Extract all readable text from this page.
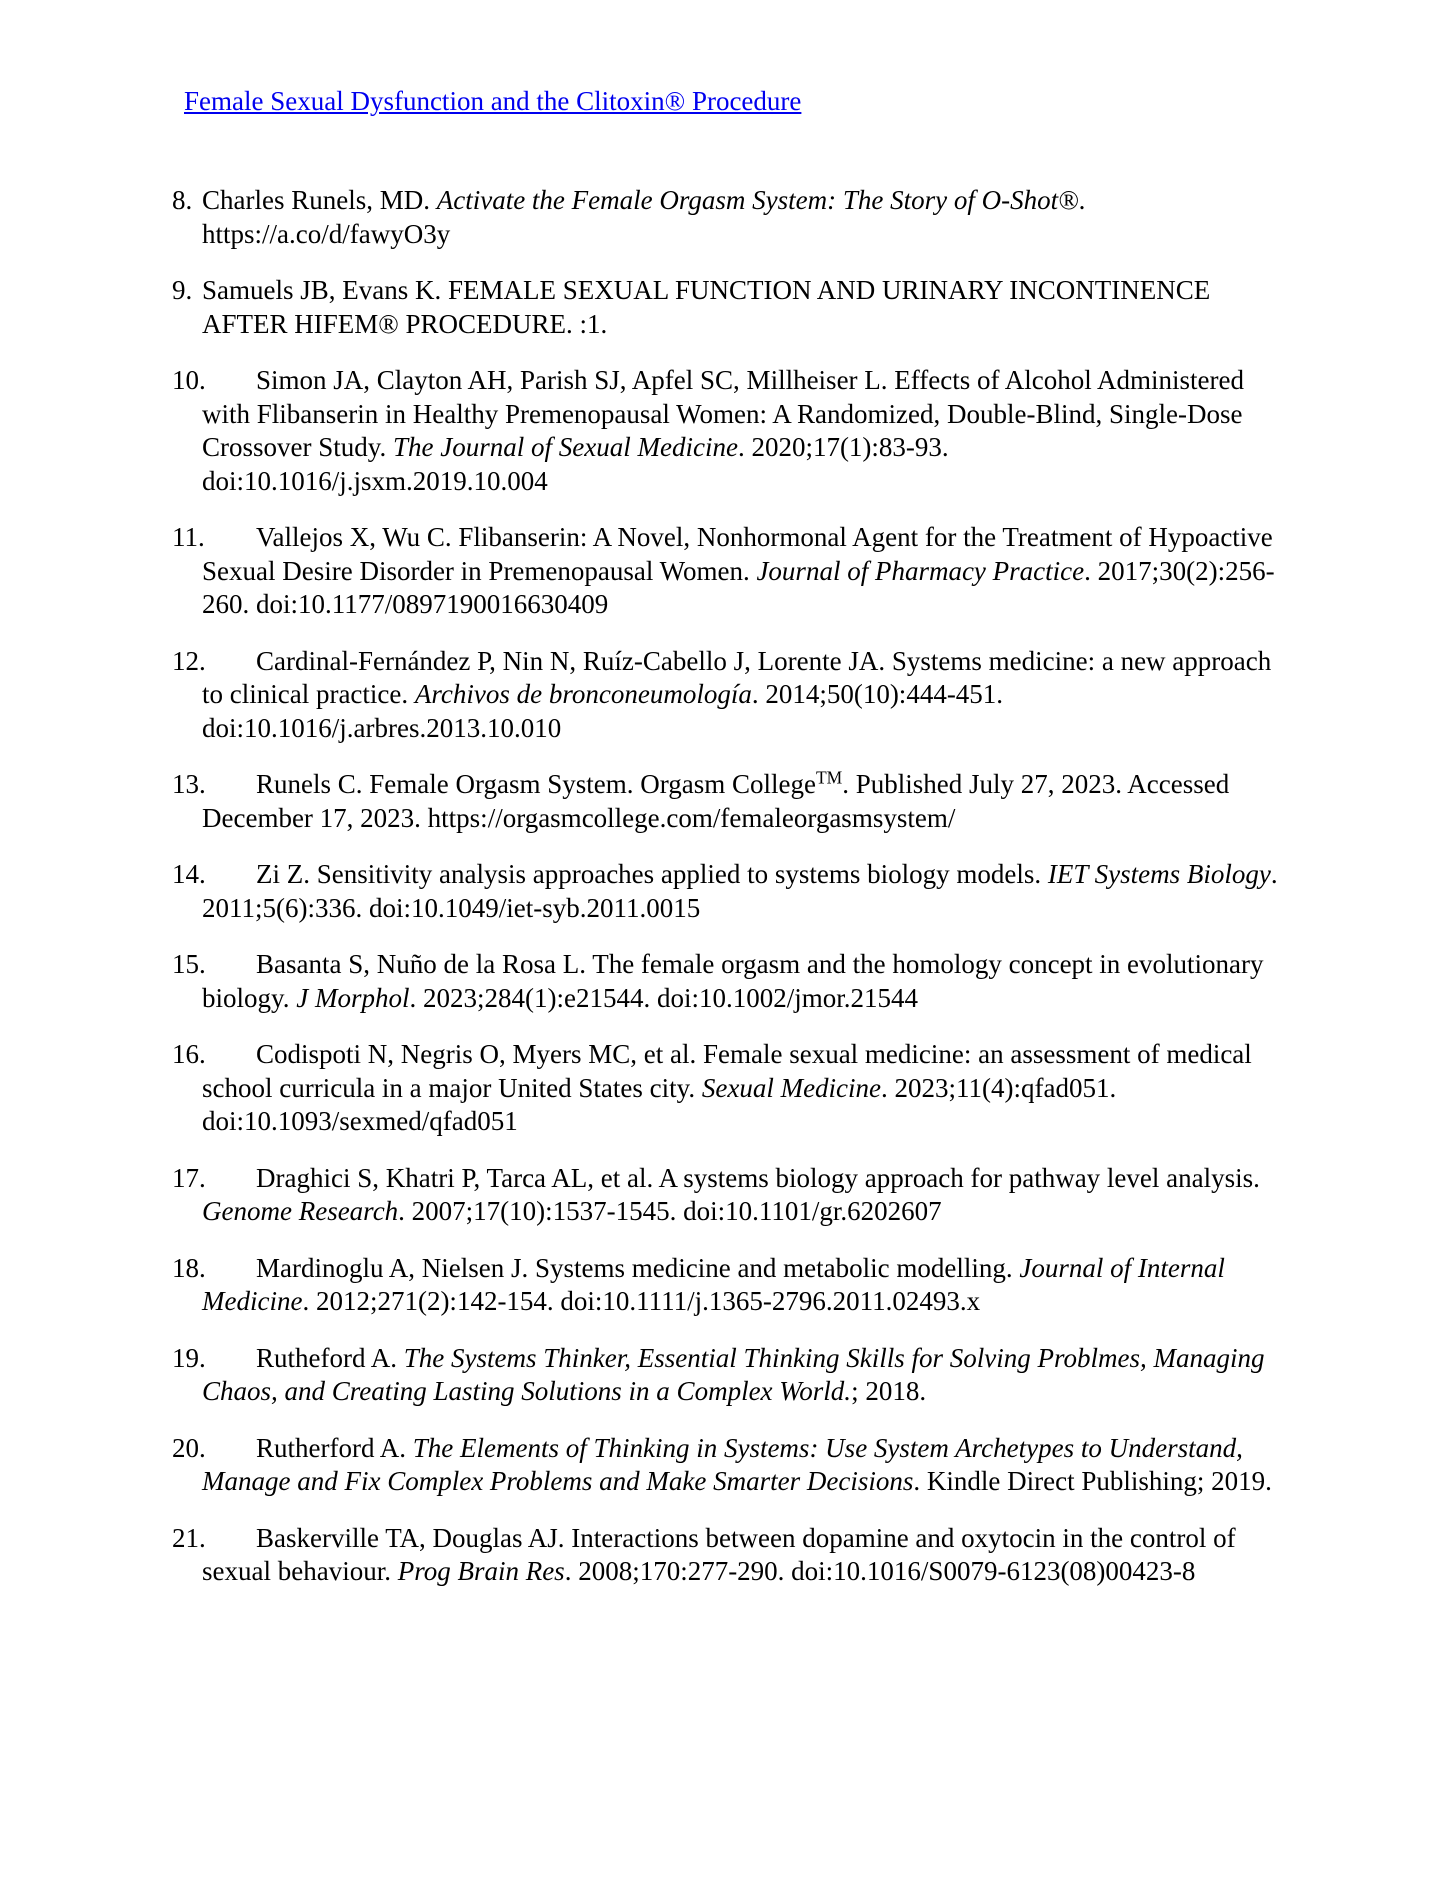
Female Sexual Dysfunction and the Clitoxin® Procedure
8. Charles Runels, MD. Activate the Female Orgasm System: The Story of O-Shot®. https://a.co/d/fawyO3y
9. Samuels JB, Evans K. FEMALE SEXUAL FUNCTION AND URINARY INCONTINENCE AFTER HIFEM® PROCEDURE. :1.
10.	Simon JA, Clayton AH, Parish SJ, Apfel SC, Millheiser L. Effects of Alcohol Administered with Flibanserin in Healthy Premenopausal Women: A Randomized, Double-Blind, Single-Dose Crossover Study. The Journal of Sexual Medicine. 2020;17(1):83-93. doi:10.1016/j.jsxm.2019.10.004
11.	Vallejos X, Wu C. Flibanserin: A Novel, Nonhormonal Agent for the Treatment of Hypoactive Sexual Desire Disorder in Premenopausal Women. Journal of Pharmacy Practice. 2017;30(2):256-260. doi:10.1177/0897190016630409
12.	Cardinal-Fernández P, Nin N, Ruíz-Cabello J, Lorente JA. Systems medicine: a new approach to clinical practice. Archivos de bronconeumología. 2014;50(10):444-451. doi:10.1016/j.arbres.2013.10.010
13.	Runels C. Female Orgasm System. Orgasm College™. Published July 27, 2023. Accessed December 17, 2023. https://orgasmcollege.com/femaleorgasmsystem/
14.	Zi Z. Sensitivity analysis approaches applied to systems biology models. IET Systems Biology. 2011;5(6):336. doi:10.1049/iet-syb.2011.0015
15.	Basanta S, Nuño de la Rosa L. The female orgasm and the homology concept in evolutionary biology. J Morphol. 2023;284(1):e21544. doi:10.1002/jmor.21544
16.	Codispoti N, Negris O, Myers MC, et al. Female sexual medicine: an assessment of medical school curricula in a major United States city. Sexual Medicine. 2023;11(4):qfad051. doi:10.1093/sexmed/qfad051
17.	Draghici S, Khatri P, Tarca AL, et al. A systems biology approach for pathway level analysis. Genome Research. 2007;17(10):1537-1545. doi:10.1101/gr.6202607
18.	Mardinoglu A, Nielsen J. Systems medicine and metabolic modelling. Journal of Internal Medicine. 2012;271(2):142-154. doi:10.1111/j.1365-2796.2011.02493.x
19.	Rutheford A. The Systems Thinker, Essential Thinking Skills for Solving Problmes, Managing Chaos, and Creating Lasting Solutions in a Complex World.; 2018.
20.	Rutherford A. The Elements of Thinking in Systems: Use System Archetypes to Understand, Manage and Fix Complex Problems and Make Smarter Decisions. Kindle Direct Publishing; 2019.
21.	Baskerville TA, Douglas AJ. Interactions between dopamine and oxytocin in the control of sexual behaviour. Prog Brain Res. 2008;170:277-290. doi:10.1016/S0079-6123(08)00423-8
